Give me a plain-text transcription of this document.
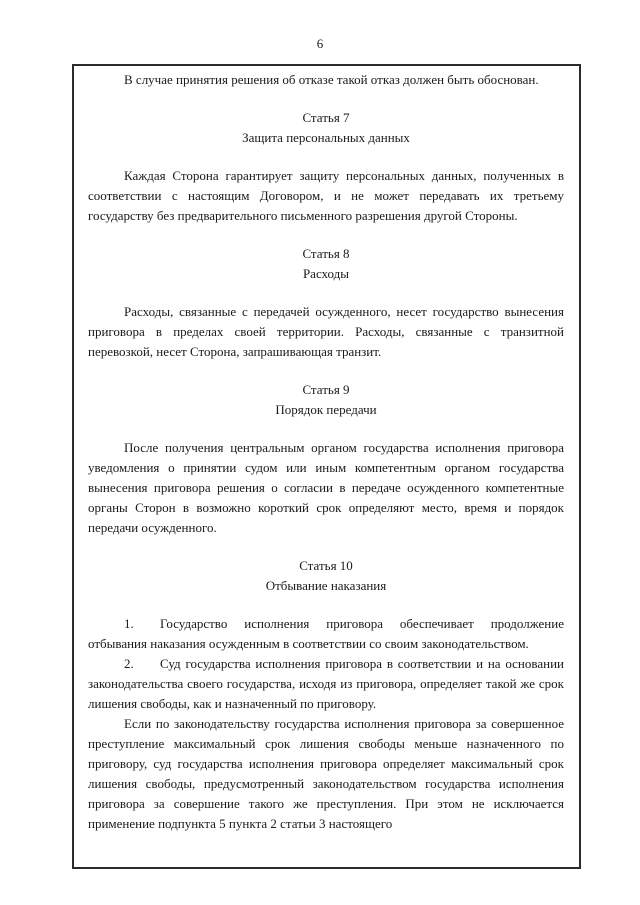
6

В случае принятия решения об отказе такой отказ должен быть обоснован.

Статья 7

Защита персональных данных

Каждая Сторона гарантирует защиту персональных данных, полученных в соответствии с настоящим Договором, и не может передавать их третьему государству без предварительного письменного разрешения другой Стороны.

Статья 8

Расходы

Расходы, связанные с передачей осужденного, несет государство вынесения приговора в пределах своей территории. Расходы, связанные с транзитной перевозкой, несет Сторона, запрашивающая транзит.

Статья 9

Порядок передачи

После получения центральным органом государства исполнения приговора уведомления о принятии судом или иным компетентным органом государства вынесения приговора решения о согласии в передаче осужденного компетентные органы Сторон в возможно короткий срок определяют место, время и порядок передачи осужденного.

Статья 10

Отбывание наказания

1. Государство исполнения приговора обеспечивает продолжение отбывания наказания осужденным в соответствии со своим законодательством.

2. Суд государства исполнения приговора в соответствии и на основании законодательства своего государства, исходя из приговора, определяет такой же срок лишения свободы, как и назначенный по приговору.

Если по законодательству государства исполнения приговора за совершенное преступление максимальный срок лишения свободы меньше назначенного по приговору, суд государства исполнения приговора определяет максимальный срок лишения свободы, предусмотренный законодательством государства исполнения приговора за совершение такого же преступления. При этом не исключается применение подпункта 5 пункта 2 статьи 3 настоящего
